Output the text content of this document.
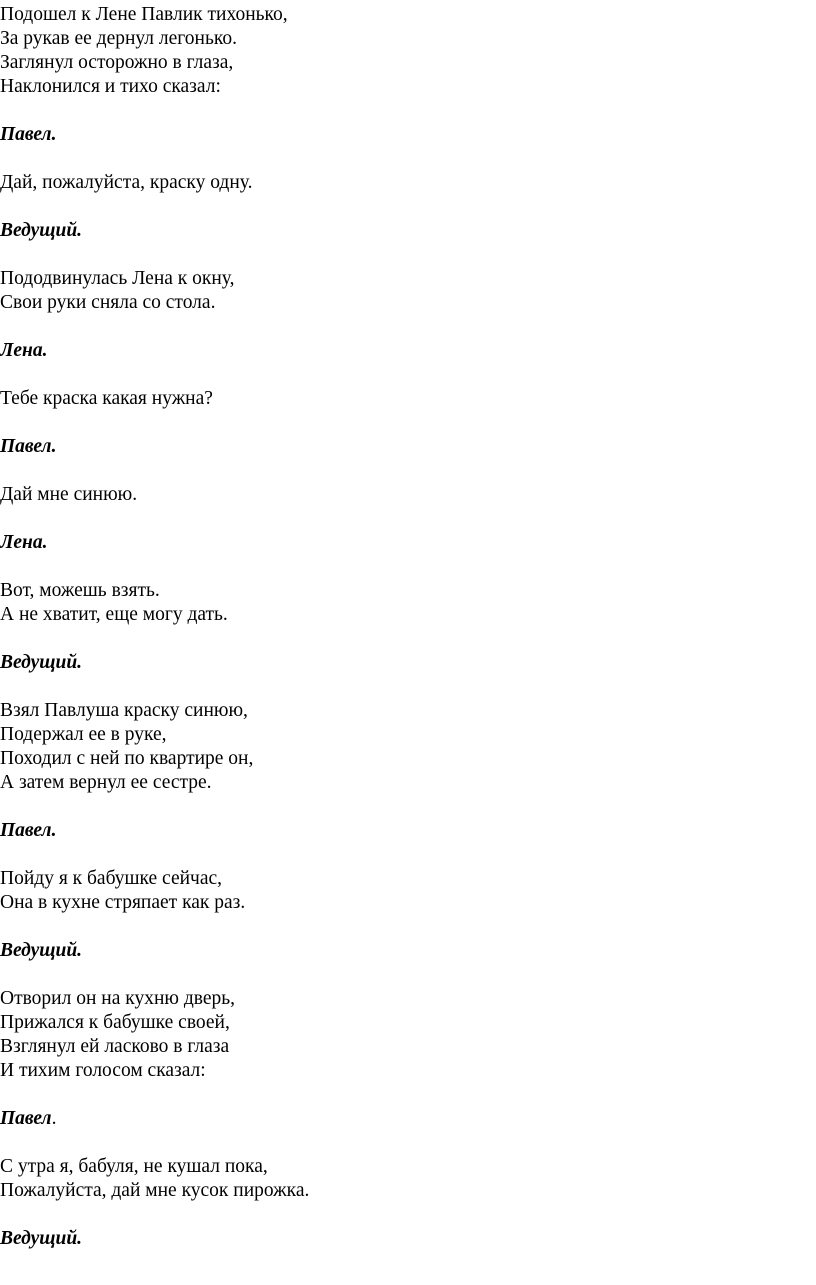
Подошел к Лене Павлик тихонько,
За рукав ее дернул легонько.
Заглянул осторожно в глаза,
Наклонился и тихо сказал:
Павел.
Дай, пожалуйста, краску одну.
Ведущий.
Пододвинулась Лена к окну,
Свои руки сняла со стола.
Лена.
Тебе краска какая нужна?
Павел.
Дай мне синюю.
Лена.
Вот, можешь взять.
А не хватит, еще могу дать.
Ведущий.
Взял Павлуша краску синюю,
Подержал ее в руке,
Походил с ней по квартире он,
А затем вернул ее сестре.
Павел.
Пойду я к бабушке сейчас,
Она в кухне стряпает как раз.
Ведущий.
Отворил он на кухню дверь,
Прижался к бабушке своей,
Взглянул ей ласково в глаза
И тихим голосом сказал:
Павел.
С утра я, бабуля, не кушал пока,
Пожалуйста, дай мне кусок пирожка.
Ведущий.
